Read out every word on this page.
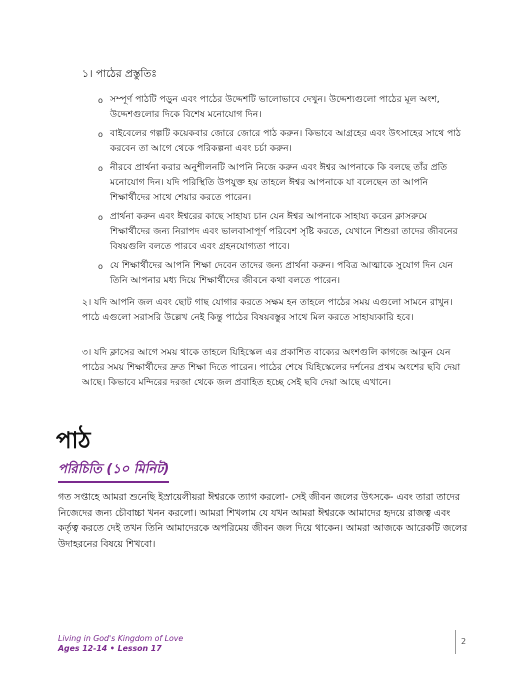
১। পাঠের প্রস্তুতিঃ
o সম্পূর্ণ পাঠটি পড়ুন এবং পাঠের উদ্দেশটি ভালোভাবে দেখুন। উদ্দেশ্যগুলো পাঠের মূল অংশ, উদ্দেশগুলোর দিকে বিশেষ মনোযোগ দিন।
o বাইবেলের গল্পটি কয়েকবার জোরে জোরে পাঠ করুন। কিভাবে আগ্রহের এবং উৎসাহের সাথে পাঠ করবেন তা আগে থেকে পরিকল্পনা এবং চর্চা করুন।
o নীরবে প্রার্থনা করার অনুশীলনটি আপনি নিজে করুন এবং ঈশ্বর আপনাকে কি বলছে তাঁর প্রতি মনোযোগ দিন। যদি পরিস্থিতি উপযুক্ত হয় তাহলে ঈশ্বর আপনাকে যা বলেছেন তা আপনি শিক্ষার্থীদের সাথে শেয়ার করতে পারেন।
o প্রার্থনা করুন এবং ঈশ্বরের কাছে সাহায্য চান যেন ঈশ্বর আপনাকে সাহায্য করেন ক্লাসরুমে শিক্ষার্থীদের জন্য নিরাপদ এবং ভালবাসাপূর্ণ পরিবেশ সৃষ্টি করতে, যেখানে শিশুরা তাদের জীবনের বিষয়গুলি বলতে পারবে এবং গ্রহনযোগ্যতা পাবে।
o যে শিক্ষার্থীদের আপনি শিক্ষা দেবেন তাদের জন্য প্রার্থনা করুন। পবিত্র আত্মাকে সুযোগ দিন যেন তিনি আপনার মধ্য দিয়ে শিক্ষার্থীদের জীবনে কথা বলতে পারেন।
২। যদি আপনি জল এবং ছোট গাছ যোগার করতে সক্ষম হন তাহলে পাঠের সময় এগুলো সামনে রাখুন। পাঠে এগুলো সরাসরি উল্লেখ নেই কিন্তু পাঠের বিষয়বস্তুর সাথে মিল করতে সাহায্যকারি হবে।
৩। যদি ক্লাসের আগে সময় থাকে তাহলে যিহিস্কেল এর প্রকাশিত বাক্যের অংশগুলি কাগজে আকুন যেন পাঠের সময় শিক্ষার্থীদের দ্রুত শিক্ষা দিতে পারেন। পাঠের শেষে যিহিস্কেলের দর্শনের প্রথম অংশের ছবি দেয়া আছে। কিভাবে মন্দিরের দরজা থেকে জল প্রবাহিত হচ্ছে সেই ছবি দেয়া আছে এখানে।
পাঠ
পরিচিতি (১০ মিনিট)
গত সপ্তাহে আমরা শুনেছি ইস্রায়েলীয়রা ঈশ্বরকে ত্যাগ করলো- সেই জীবন জলের উৎসকে- এবং তারা তাদের নিজেদের জন্য চৌবাচ্চা খনন করলো। আমরা শিখলাম যে যখন আমরা ঈশ্বরকে আমাদের হৃদয়ে রাজত্ব এবং কর্তৃত্ব করতে দেই তখন তিনি আমাদেরকে অপরিমেয় জীবন জল দিয়ে থাকেন। আমরা আজকে আরেকটি জলের উদাহরনের বিষয়ে শিখবো।
Living in God's Kingdom of Love
Ages 12-14 • Lesson 17
2
